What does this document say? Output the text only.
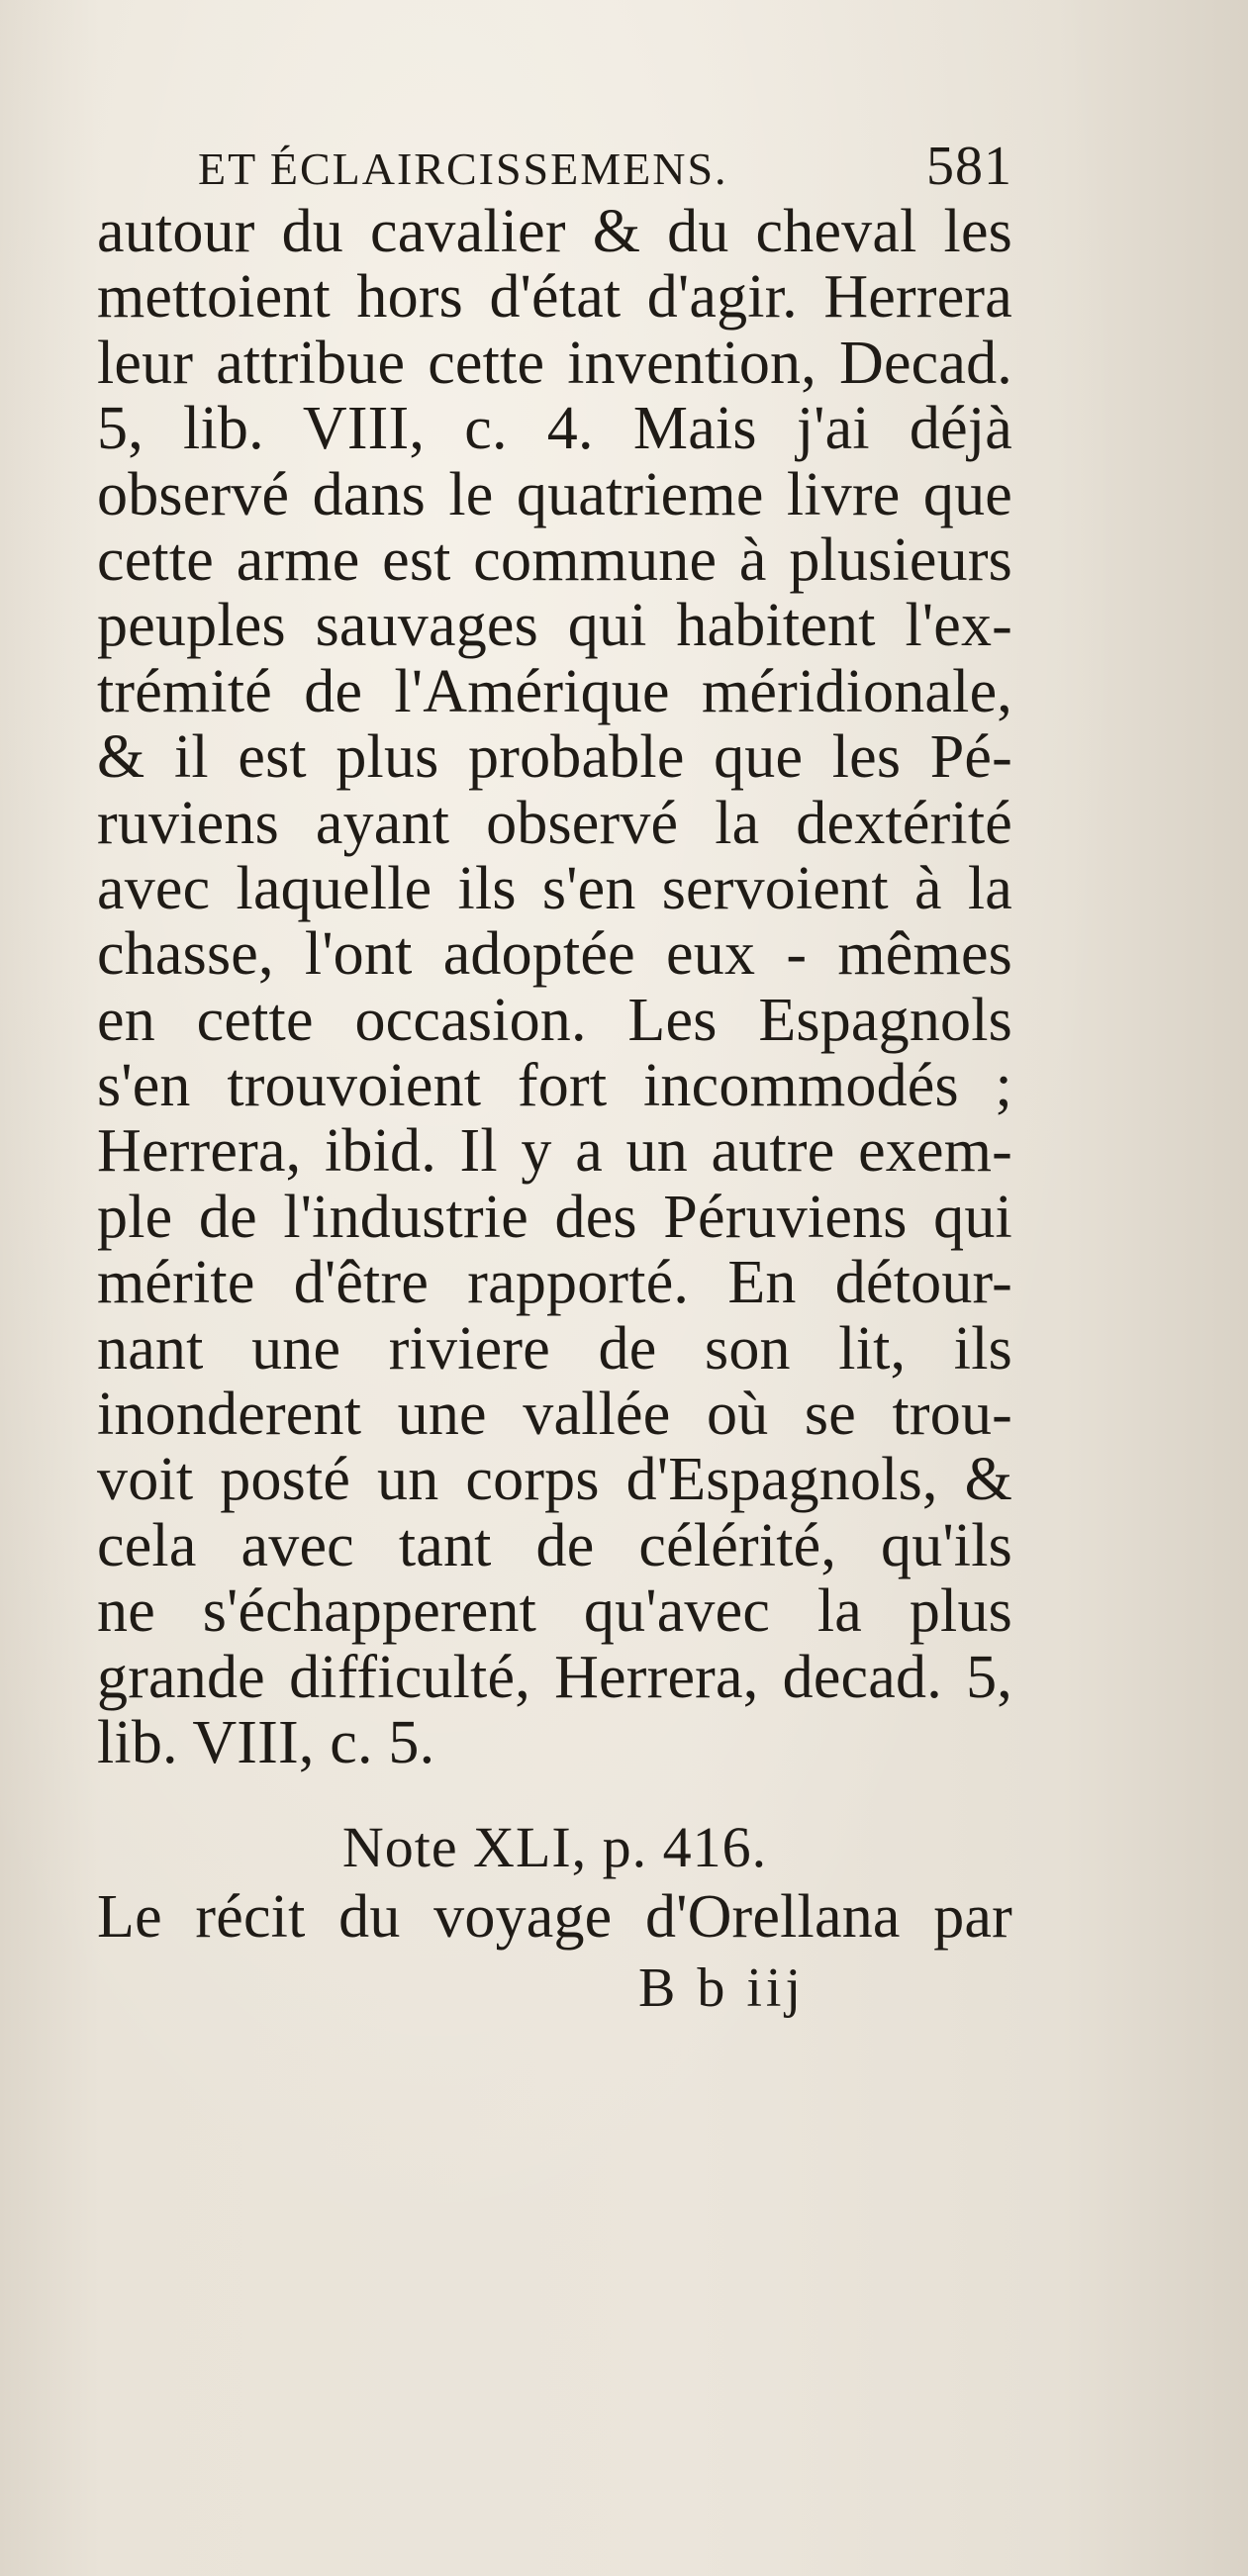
ET ÉCLAIRCISSEMENS.	581
autour du cavalier & du cheval les
mettoient hors d'état d'agir. Herrera
leur attribue cette invention, Decad.
5, lib. VIII, c. 4. Mais j'ai déjà
observé dans le quatrieme livre que
cette arme est commune à plusieurs
peuples sauvages qui habitent l'ex-
trémité de l'Amérique méridionale,
& il est plus probable que les Pé-
ruviens ayant observé la dextérité
avec laquelle ils s'en servoient à la
chasse, l'ont adoptée eux - mêmes
en cette occasion. Les Espagnols
s'en trouvoient fort incommodés ;
Herrera, ibid. Il y a un autre exem-
ple de l'industrie des Péruviens qui
mérite d'être rapporté. En détour-
nant une riviere de son lit, ils
inonderent une vallée où se trou-
voit posté un corps d'Espagnols, &
cela avec tant de célérité, qu'ils
ne s'échapperent qu'avec la plus
grande difficulté, Herrera, decad. 5,
lib. VIII, c. 5.
Note XLI, p. 416.
Le récit du voyage d'Orellana par
B b iij
